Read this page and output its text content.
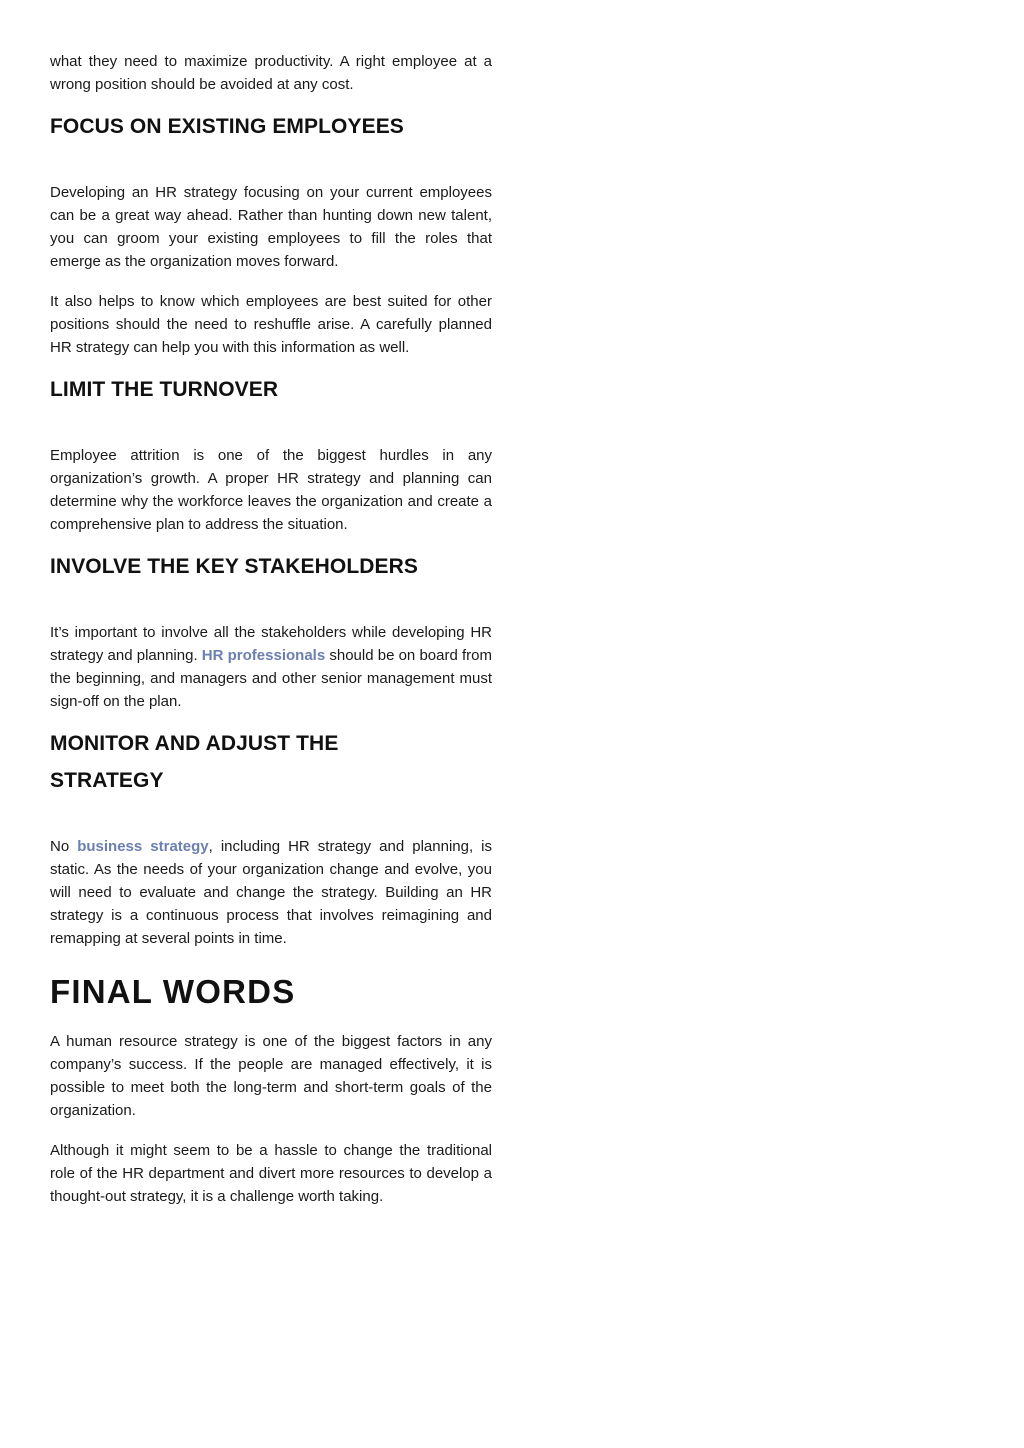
what they need to maximize productivity. A right employee at a wrong position should be avoided at any cost.

FOCUS ON EXISTING EMPLOYEES

Developing an HR strategy focusing on your current employees can be a great way ahead. Rather than hunting down new talent, you can groom your existing employees to fill the roles that emerge as the organization moves forward.

It also helps to know which employees are best suited for other positions should the need to reshuffle arise. A carefully planned HR strategy can help you with this information as well.

LIMIT THE TURNOVER

Employee attrition is one of the biggest hurdles in any organization’s growth. A proper HR strategy and planning can determine why the workforce leaves the organization and create a comprehensive plan to address the situation.

INVOLVE THE KEY STAKEHOLDERS

It’s important to involve all the stakeholders while developing HR strategy and planning. HR professionals should be on board from the beginning, and managers and other senior management must sign-off on the plan.

MONITOR AND ADJUST THE
STRATEGY

No business strategy, including HR strategy and planning, is static. As the needs of your organization change and evolve, you will need to evaluate and change the strategy. Building an HR strategy is a continuous process that involves reimagining and remapping at several points in time.

FINAL WORDS

A human resource strategy is one of the biggest factors in any company’s success. If the people are managed effectively, it is possible to meet both the long-term and short-term goals of the organization.

Although it might seem to be a hassle to change the traditional role of the HR department and divert more resources to develop a thought-out strategy, it is a challenge worth taking.
